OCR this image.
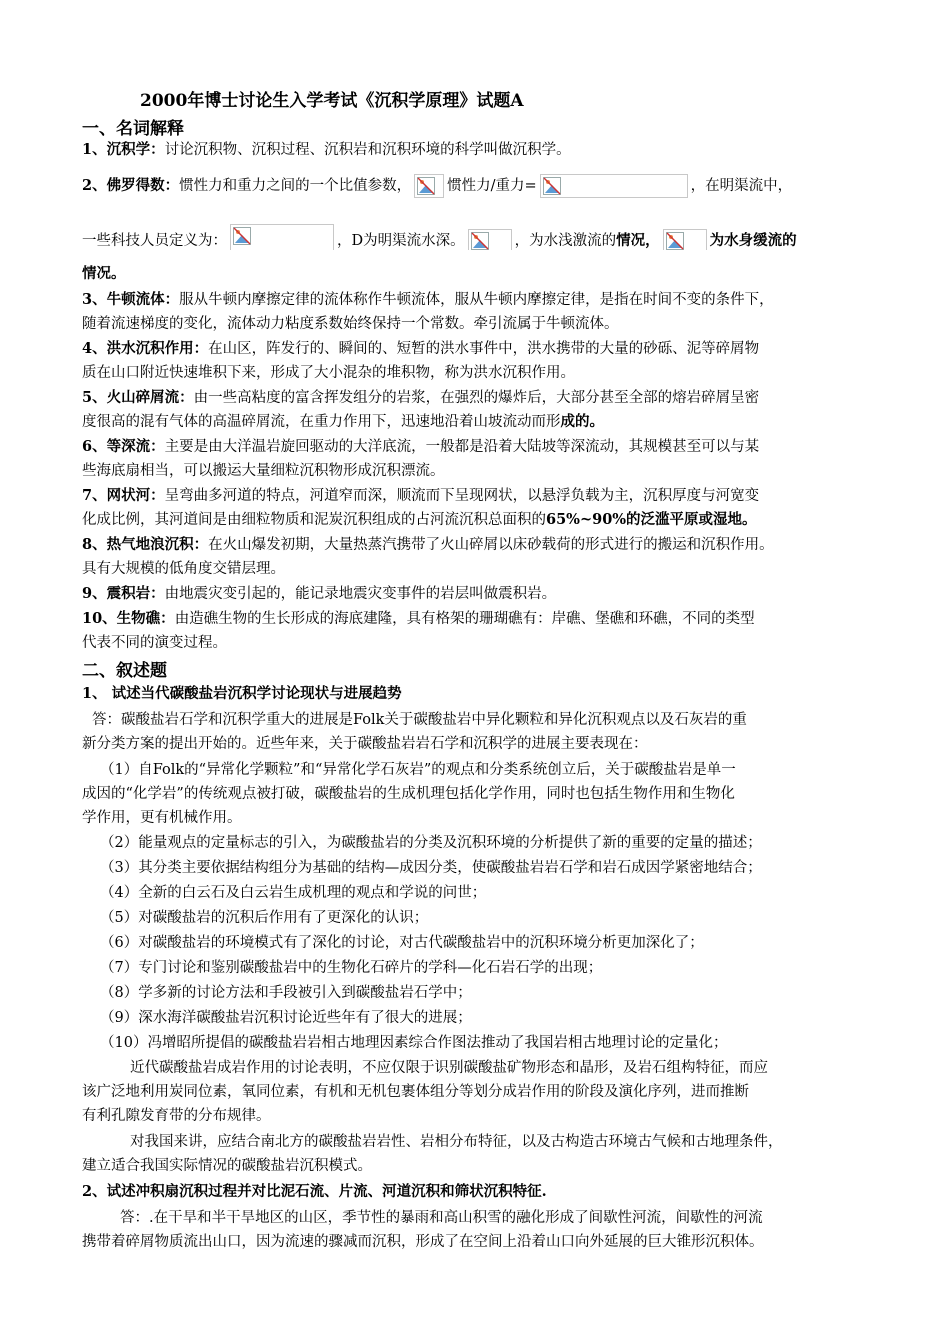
2000年博士讨论生入学考试《沉积学原理》试题A
一、名词解释
1、沉积学：讨论沉积物、沉积过程、沉积岩和沉积环境的科学叫做沉积学。
2、佛罗得数：惯性力和重力之间的一个比值参数， 惯性力/重力=	，在明渠流中，
一些科技人员定义为：	，D为明渠流水深。	，为水浅激流的情况，	为水身缓流的
情况。
3、牛顿流体：服从牛顿内摩擦定律的流体称作牛顿流体，服从牛顿内摩擦定律，是指在时间不变的条件下，
随着流速梯度的变化，流体动力粘度系数始终保持一个常数。牵引流属于牛顿流体。
4、洪水沉积作用：在山区，阵发行的、瞬间的、短暂的洪水事件中，洪水携带的大量的砂砾、泥等碎屑物
质在山口附近快速堆积下来，形成了大小混杂的堆积物，称为洪水沉积作用。
5、火山碎屑流：由一些高粘度的富含挥发组分的岩浆，在强烈的爆炸后，大部分甚至全部的熔岩碎屑呈密
度很高的混有气体的高温碎屑流，在重力作用下，迅速地沿着山坡流动而形成的。
6、等深流：主要是由大洋温岩旋回驱动的大洋底流，一般都是沿着大陆坡等深流动，其规模甚至可以与某
些海底扇相当，可以搬运大量细粒沉积物形成沉积漂流。
7、网状河：呈弯曲多河道的特点，河道窄而深，顺流而下呈现网状，以悬浮负载为主，沉积厚度与河宽变
化成比例，其河道间是由细粒物质和泥炭沉积组成的占河流沉积总面积的65%~90%的泛滥平原或湿地。
8、热气地浪沉积：在火山爆发初期，大量热蒸汽携带了火山碎屑以床砂载荷的形式进行的搬运和沉积作用。
具有大规模的低角度交错层理。
9、震积岩：由地震灾变引起的，能记录地震灾变事件的岩层叫做震积岩。
10、生物礁：由造礁生物的生长形成的海底建隆，具有格架的珊瑚礁有：岸礁、堡礁和环礁，不同的类型
代表不同的演变过程。
二、叙述题
1、 试述当代碳酸盐岩沉积学讨论现状与进展趋势
答：碳酸盐岩石学和沉积学重大的进展是Folk关于碳酸盐岩中异化颗粒和异化沉积观点以及石灰岩的重
新分类方案的提出开始的。近些年来，关于碳酸盐岩岩石学和沉积学的进展主要表现在：
（1）自Folk的“异常化学颗粒”和“异常化学石灰岩”的观点和分类系统创立后，关于碳酸盐岩是单一
成因的“化学岩”的传统观点被打破，碳酸盐岩的生成机理包括化学作用，同时也包括生物作用和生物化
学作用，更有机械作用。
（2）能量观点的定量标志的引入，为碳酸盐岩的分类及沉积环境的分析提供了新的重要的定量的描述；
（3）其分类主要依据结构组分为基础的结构—成因分类，使碳酸盐岩岩石学和岩石成因学紧密地结合；
（4）全新的白云石及白云岩生成机理的观点和学说的问世；
（5）对碳酸盐岩的沉积后作用有了更深化的认识；
（6）对碳酸盐岩的环境模式有了深化的讨论，对古代碳酸盐岩中的沉积环境分析更加深化了；
（7）专门讨论和鉴别碳酸盐岩中的生物化石碎片的学科—化石岩石学的出现；
（8）学多新的讨论方法和手段被引入到碳酸盐岩石学中；
（9）深水海洋碳酸盐岩沉积讨论近些年有了很大的进展；
（10）冯增昭所提倡的碳酸盐岩岩相古地理因素综合作图法推动了我国岩相古地理讨论的定量化；
近代碳酸盐岩成岩作用的讨论表明，不应仅限于识别碳酸盐矿物形态和晶形，及岩石组构特征，而应
该广泛地利用炭同位素，氧同位素，有机和无机包裹体组分等划分成岩作用的阶段及演化序列，进而推断
有利孔隙发育带的分布规律。
对我国来讲，应结合南北方的碳酸盐岩岩性、岩相分布特征，以及古构造古环境古气候和古地理条件，
建立适合我国实际情况的碳酸盐岩沉积模式。
2、试述冲积扇沉积过程并对比泥石流、片流、河道沉积和筛状沉积特征.
答：.在干旱和半干旱地区的山区，季节性的暴雨和高山积雪的融化形成了间歇性河流，间歇性的河流
携带着碎屑物质流出山口，因为流速的骤减而沉积，形成了在空间上沿着山口向外延展的巨大锥形沉积体。
